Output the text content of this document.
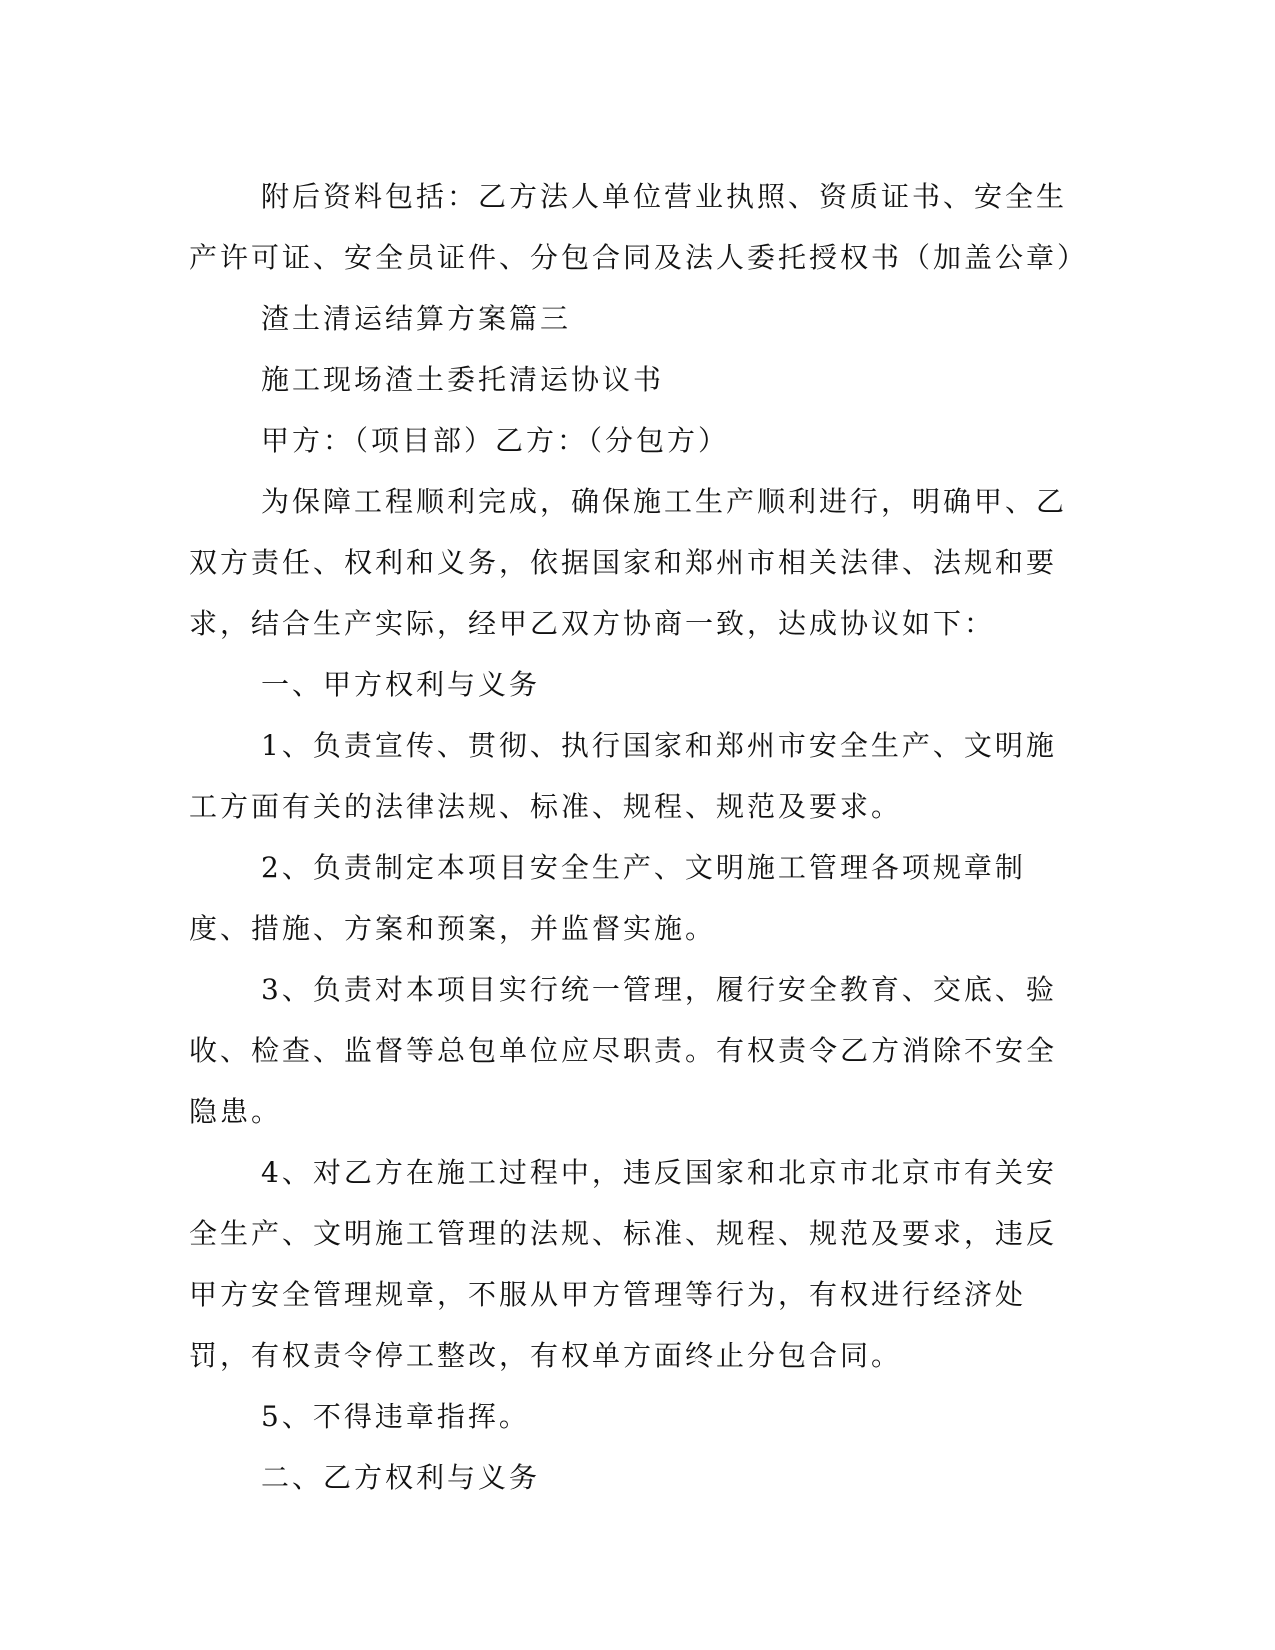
附后资料包括：乙方法人单位营业执照、资质证书、安全生产许可证、安全员证件、分包合同及法人委托授权书（加盖公章）

渣土清运结算方案篇三

施工现场渣土委托清运协议书

甲方：（项目部）乙方：（分包方）

为保障工程顺利完成，确保施工生产顺利进行，明确甲、乙双方责任、权利和义务，依据国家和郑州市相关法律、法规和要求，结合生产实际，经甲乙双方协商一致，达成协议如下：

一、甲方权利与义务

1、负责宣传、贯彻、执行国家和郑州市安全生产、文明施工方面有关的法律法规、标准、规程、规范及要求。

2、负责制定本项目安全生产、文明施工管理各项规章制度、措施、方案和预案，并监督实施。

3、负责对本项目实行统一管理，履行安全教育、交底、验收、检查、监督等总包单位应尽职责。有权责令乙方消除不安全隐患。

4、对乙方在施工过程中，违反国家和北京市北京市有关安全生产、文明施工管理的法规、标准、规程、规范及要求，违反甲方安全管理规章，不服从甲方管理等行为，有权进行经济处罚，有权责令停工整改，有权单方面终止分包合同。

5、不得违章指挥。

二、乙方权利与义务
